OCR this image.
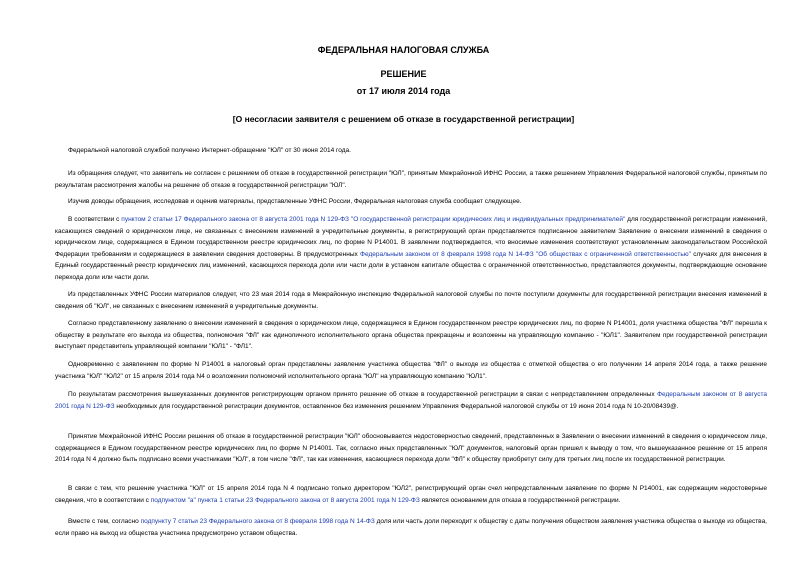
ФЕДЕРАЛЬНАЯ НАЛОГОВАЯ СЛУЖБА
РЕШЕНИЕ
от 17 июля 2014 года
[О несогласии заявителя с решением об отказе в государственной регистрации]

Федеральной налоговой службой получено Интернет-обращение "ЮЛ" от 30 июня 2014 года.

Из обращения следует, что заявитель не согласен с решением об отказе в государственной регистрации "ЮЛ", принятым Межрайонной ИФНС России, а также решением Управления Федеральной налоговой службы, принятым по результатам рассмотрения жалобы на решение об отказе в государственной регистрации "ЮЛ".

Изучив доводы обращения, исследовав и оценив материалы, представленные УФНС России, Федеральная налоговая служба сообщает следующее.

В соответствии с пунктом 2 статьи 17 Федерального закона от 8 августа 2001 года N 129-ФЗ "О государственной регистрации юридических лиц и индивидуальных предпринимателей" для государственной регистрации изменений, касающихся сведений о юридическом лице, не связанных с внесением изменений в учредительные документы, в регистрирующий орган представляется подписанное заявителем Заявление о внесении изменений в сведения о юридическом лице, содержащиеся в Едином государственном реестре юридических лиц, по форме N Р14001. В заявлении подтверждается, что вносимые изменения соответствуют установленным законодательством Российской Федерации требованиям и содержащиеся в заявлении сведения достоверны. В предусмотренных Федеральным законом от 8 февраля 1998 года N 14-ФЗ "Об обществах с ограниченной ответственностью" случаях для внесения в Единый государственный реестр юридических лиц изменений, касающихся перехода доли или части доли в уставном капитале общества с ограниченной ответственностью, представляются документы, подтверждающие основание перехода доли или части доли.

Из представленных УФНС России материалов следует, что 23 мая 2014 года в Межрайонную инспекцию Федеральной налоговой службы по почте поступили документы для государственной регистрации внесения изменений в сведения об "ЮЛ", не связанных с внесением изменений в учредительные документы.

Согласно представленному заявлению о внесении изменений в сведения о юридическом лице, содержащиеся в Едином государственном реестре юридических лиц, по форме N Р14001, доля участника общества "ФЛ" перешла к обществу в результате его выхода из общества, полномочия "ФЛ" как единоличного исполнительного органа общества прекращены и возложены на управляющую компанию - "ЮЛ1". Заявителем при государственной регистрации выступает представитель управляющей компании "ЮЛ1" - "ФЛ1".

Одновременно с заявлением по форме N Р14001 в налоговый орган представлены заявление участника общества "ФЛ" о выходе из общества с отметкой общества о его получении 14 апреля 2014 года, а также решение участника "ЮЛ" "ЮЛ2" от 15 апреля 2014 года N4 о возложении полномочий исполнительного органа "ЮЛ" на управляющую компанию "ЮЛ1".

По результатам рассмотрения вышеуказанных документов регистрирующим органом принято решение об отказе в государственной регистрации в связи с непредставлением определенных Федеральным законом от 8 августа 2001 года N 129-ФЗ необходимых для государственной регистрации документов, оставленное без изменения решением Управления Федеральной налоговой службы от 19 июня 2014 года N 10-20/08439@.

Принятие Межрайонной ИФНС России решения об отказе в государственной регистрации "ЮЛ" обосновывается недостоверностью сведений, представленных в Заявлении о внесении изменений в сведения о юридическом лице, содержащиеся в Едином государственном реестре юридических лиц по форме N Р14001. Так, согласно иных представленных "ЮЛ" документов, налоговый орган пришел к выводу о том, что вышеуказанное решение от 15 апреля 2014 года N 4 должно быть подписано всеми участниками "ЮЛ", в том числе "ФЛ", так как изменения, касающиеся перехода доли "ФЛ" к обществу приобретут силу для третьих лиц после их государственной регистрации.

В связи с тем, что решение участника "ЮЛ" от 15 апреля 2014 года N 4 подписано только директором "ЮЛ2", регистрирующий орган счел непредставленным заявление по форме N Р14001, как содержащим недостоверные сведения, что в соответствии с подпунктом "а" пункта 1 статьи 23 Федерального закона от 8 августа 2001 года N 129-ФЗ является основанием для отказа в государственной регистрации.

Вместе с тем, согласно подпункту 7 статьи 23 Федерального закона от 8 февраля 1998 года N 14-ФЗ доля или часть доли переходит к обществу с даты получения обществом заявления участника общества о выходе из общества, если право на выход из общества участника предусмотрено уставом общества.
